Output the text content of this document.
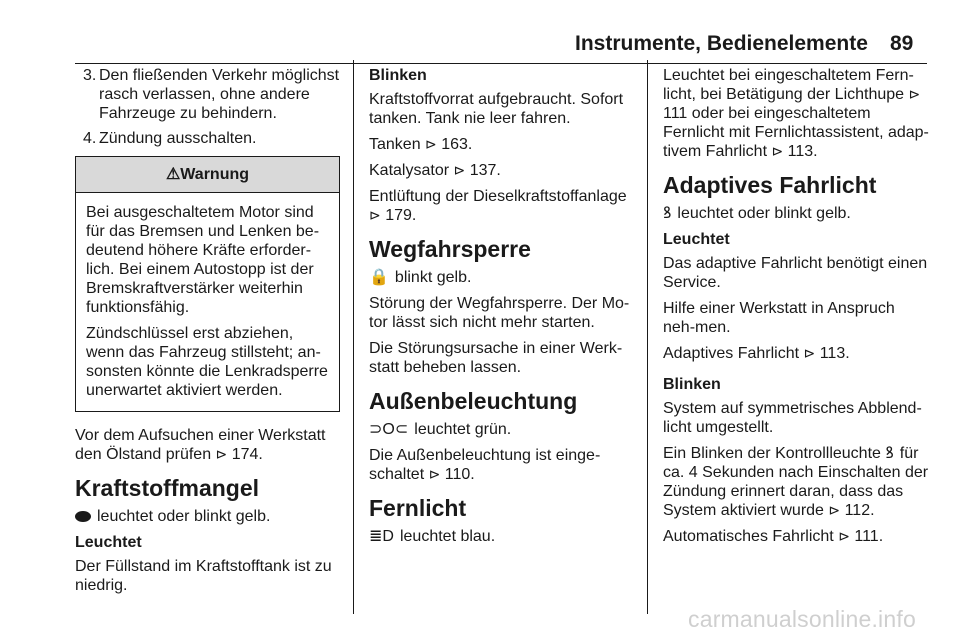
Instrumente, Bedienelemente 89
3. Den fließenden Verkehr möglichst rasch verlassen, ohne andere Fahrzeuge zu behindern.
4. Zündung ausschalten.
⚠Warnung

Bei ausgeschaltetem Motor sind für das Bremsen und Lenken be-deutend höhere Kräfte erforder-lich. Bei einem Autostopp ist der Bremskraftverstärker weiterhin funktionsfähig.

Zündschlüssel erst abziehen, wenn das Fahrzeug stillsteht; an-sonsten könnte die Lenkradsperre unerwartet aktiviert werden.

Vor dem Aufsuchen einer Werkstatt den Ölstand prüfen ⊳ 174.

Kraftstoffmangel

leuchtet oder blinkt gelb.

Leuchtet

Der Füllstand im Kraftstofftank ist zu niedrig.

Blinken

Kraftstoffvorrat aufgebraucht. Sofort tanken. Tank nie leer fahren.

Tanken ⊳ 163.

Katalysator ⊳ 137.

Entlüftung der Dieselkraftstoffanlage ⊳ 179.

Wegfahrsperre

🔒 blinkt gelb.

Störung der Wegfahrsperre. Der Mo-tor lässt sich nicht mehr starten.

Die Störungsursache in einer Werk-statt beheben lassen.

Außenbeleuchtung

⊃O⊂ leuchtet grün.

Die Außenbeleuchtung ist einge-schaltet ⊳ 110.

Fernlicht

≣D leuchtet blau.

Leuchtet bei eingeschaltetem Fern-licht, bei Betätigung der Lichthupe ⊳ 111 oder bei eingeschaltetem Fernlicht mit Fernlichtassistent, adap-tivem Fahrlicht ⊳ 113.

Adaptives Fahrlicht

ꝸ leuchtet oder blinkt gelb.

Leuchtet

Das adaptive Fahrlicht benötigt einen Service.

Hilfe einer Werkstatt in Anspruch neh-men.

Adaptives Fahrlicht ⊳ 113.

Blinken

System auf symmetrisches Abblend-licht umgestellt.

Ein Blinken der Kontrollleuchte ꝸ für ca. 4 Sekunden nach Einschalten der Zündung erinnert daran, dass das System aktiviert wurde ⊳ 112.

Automatisches Fahrlicht ⊳ 111.

carmanualsonline.info
